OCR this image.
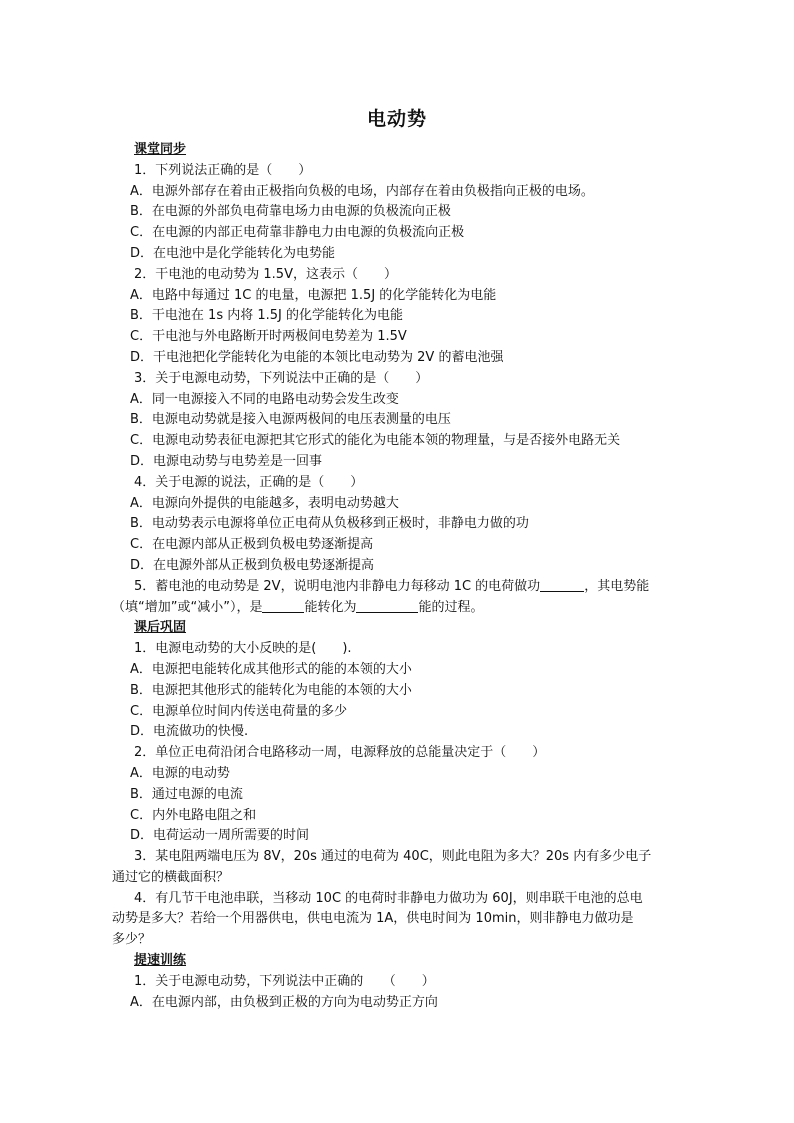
电动势
课堂同步
1．下列说法正确的是（　　）
A．电源外部存在着由正极指向负极的电场，内部存在着由负极指向正极的电场。
B．在电源的外部负电荷靠电场力由电源的负极流向正极
C．在电源的内部正电荷靠非静电力由电源的负极流向正极
D．在电池中是化学能转化为电势能
2．干电池的电动势为 1.5V，这表示（　　）
A．电路中每通过 1C 的电量，电源把 1.5J 的化学能转化为电能
B．干电池在 1s 内将 1.5J 的化学能转化为电能
C．干电池与外电路断开时两极间电势差为 1.5V
D．干电池把化学能转化为电能的本领比电动势为 2V 的蓄电池强
3．关于电源电动势，下列说法中正确的是（　　）
A．同一电源接入不同的电路电动势会发生改变
B．电源电动势就是接入电源两极间的电压表测量的电压
C．电源电动势表征电源把其它形式的能化为电能本领的物理量，与是否接外电路无关
D．电源电动势与电势差是一回事
4．关于电源的说法，正确的是（　　）
A．电源向外提供的电能越多，表明电动势越大
B．电动势表示电源将单位正电荷从负极移到正极时，非静电力做的功
C．在电源内部从正极到负极电势逐渐提高
D．在电源外部从正极到负极电势逐渐提高
5．蓄电池的电动势是 2V，说明电池内非静电力每移动 1C 的电荷做功	，其电势能
（填“增加”或“减小”），是	能转化为	能的过程。
课后巩固
1．电源电动势的大小反映的是(　　).
A．电源把电能转化成其他形式的能的本领的大小
B．电源把其他形式的能转化为电能的本领的大小
C．电源单位时间内传送电荷量的多少
D．电流做功的快慢.
2．单位正电荷沿闭合电路移动一周，电源释放的总能量决定于（　　）
A．电源的电动势
B．通过电源的电流
C．内外电路电阻之和
D．电荷运动一周所需要的时间
3．某电阻两端电压为 8V，20s 通过的电荷为 40C，则此电阻为多大？20s 内有多少电子
通过它的横截面积？
4．有几节干电池串联，当移动 10C 的电荷时非静电力做功为 60J，则串联干电池的总电
动势是多大？若给一个用器供电，供电电流为 1A，供电时间为 10min，则非静电力做功是
多少？
提速训练
1．关于电源电动势，下列说法中正确的　　（　　）
A．在电源内部，由负极到正极的方向为电动势正方向
